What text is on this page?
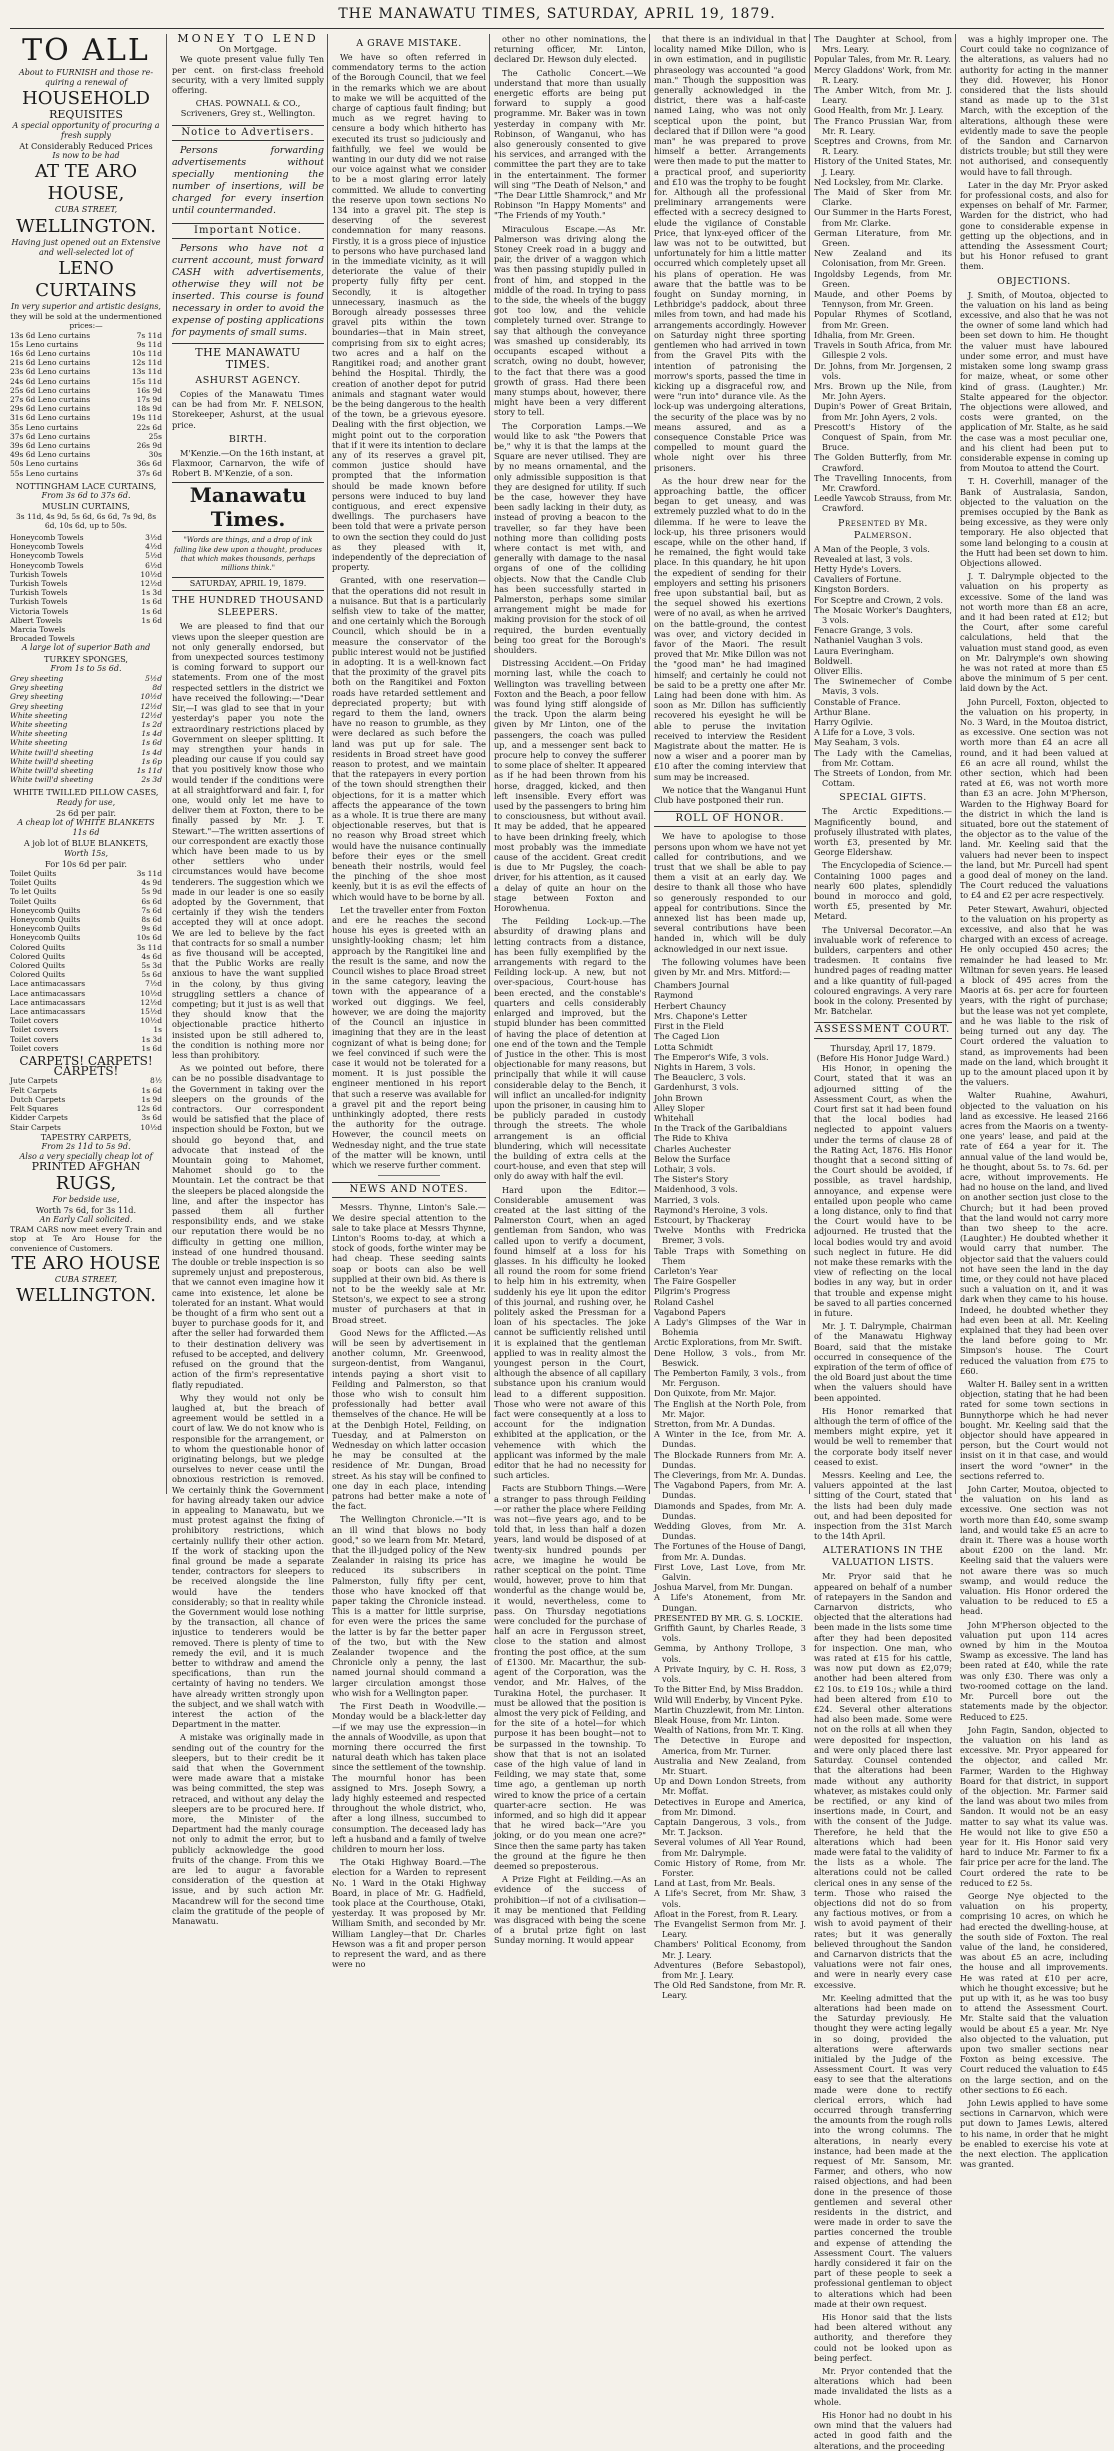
THE MANAWATU TIMES, SATURDAY, APRIL 19, 1879.
TO ALL
About to FURNISH and those re-quiring a renewal of
HOUSEHOLD
REQUISITES
A special opportunity of procuring a fresh supply
At Considerably Reduced Prices
Is now to be had
AT TE ARO HOUSE,
CUBA STREET,
WELLINGTON.
Having just opened out an Extensive and well-selected lot of
LENO CURTAINS
In very superior and artistic designs,
they will be sold at the undermentioned prices:—
13s 6d Leno curtains	7s 11d
15s Leno curtains	9s 11d
16s 6d Leno curtains	10s 11d
21s 6d Leno curtains	12s 11d
23s 6d Leno curtains	13s 11d
24s 6d Leno curtains	15s 11d
25s 6d Leno curtains	16s 9d
27s 6d Leno curtains	17s 9d
29s 6d Leno curtains	18s 9d
31s 6d Leno curtains	19s 11d
35s Leno curtains	22s 6d
37s 6d Leno curtains	25s
39s 6d Leno curtains	26s 9d
49s 6d Leno curtains	30s
50s Leno curtains	36s 6d
55s Leno curtains	37s 6d
NOTTINGHAM LACE CURTAINS,
From 3s 6d to 37s 6d.
MUSLIN CURTAINS,
3s 11d, 4s 9d, 5s 6d, 6s 6d, 7s 9d, 8s 6d, 10s 6d, up to 50s.
Honeycomb Towels	3½d
Honeycomb Towels	4½d
Honeycomb Towels	5½d
Honeycomb Towels	6½d
Turkish Towels	10½d
Turkish Towels	12½d
Turkish Towels	1s 3d
Turkish Towels	1s 6d
Victoria Towels	1s 6d
Albert Towels	1s 6d
Marcia Towels
Brocaded Towels
A large lot of superior Bath and
TURKEY SPONGES,
From 1s to 5s 6d.
Grey sheeting	5½d
Grey sheeting	8d
Grey sheeting	10½d
Grey sheeting	12½d
White sheeting	12½d
White sheeting	1s 2d
White sheeting	1s 4d
White sheeting	1s 6d
White twill'd sheeting	1s 4d
White twill'd sheeting	1s 6p
White twill'd sheeting	1s 11d
White twill'd sheeting	2s 3d
WHITE TWILLED PILLOW CASES,
Ready for use,
2s 6d per pair.
A cheap lot of WHITE BLANKETS 11s 6d
A job lot of BLUE BLANKETS,
Worth 15s,
For 10s 6d per pair.
Toilet Quilts	3s 11d
Toilet Quilts	4s 9d
To let Quilts	5s 9d
Toilet Quilts	6s 6d
Honeycomb Quilts	7s 6d
Honeycomb Quilts	8s 6d
Honeycomb Quilts	9s 6d
Honeycomb Quilts	10s 6d
Colored Quilts	3s 11d
Colored Quilts	4s 6d
Colored Quilts	5s 3d
Colored Quilts	5s 6d
Lace antimacassars	7½d
Lace antimacassars	10½d
Lace antimacassars	12½d
Lace antimacassars	15½d
Toilet covers	10½d
Toilet covers	1s
Toilet covers	1s 3d
Toilet covers	1s 6d
CARPETS! CARPETS! CARPETS!
Jute Carpets	8½
Felt Carpets	1s 6d
Dutch Carpets	1s 9d
Felt Squares	12s 6d
Kidder Carpets	3s 6d
Stair Carpets	10½d
TAPESTRY CARPETS,
From 2s 11d to 5s 9d.
Also a very specially cheap lot of
PRINTED AFGHAN
RUGS,
For bedside use,
Worth 7s 6d, for 3s 11d.
An Early Call solicited.
TRAM CARS now meet every Train and stop at Te Aro House for the convenience of Customers.
TE ARO HOUSE
CUBA STREET,
WELLINGTON.
MONEY TO LEND
On Mortgage.

We quote present value fully Ten per cent. on first-class freehold security, with a very limited supply offering.

CHAS. POWNALL & CO.,
Scriveners, Grey st., Wellington.
Notice to Advertisers.

Persons forwarding advertisements without specially mentioning the number of insertions, will be charged for every insertion until countermanded.

Important Notice.

Persons who have not a current account, must forward CASH with advertisements, otherwise they will not be inserted. This course is found necessary in order to avoid the expense of posting applications for payments of small sums.

THE MANAWATU TIMES.
ASHURST AGENCY.

Copies of the Manawatu Times can be had from Mr. F. NELSON, Storekeeper, Ashurst, at the usual price.

BIRTH.

M'Kenzie.—On the 16th instant, at Flaxmoor, Carnarvon, the wife of Robert B. M'Kenzie, of a son.

Manawatu Times.
"Words are things, and a drop of ink falling like dew upon a thought, produces that which makes thousands, perhaps millions think."
SATURDAY, APRIL 19, 1879.
THE HUNDRED THOUSAND SLEEPERS.

We are pleased to find that our views upon the sleeper question are not only generally endorsed, but from unexpected sources testimony is coming forward to support our statements. From one of the most respected settlers in the district we have received the following:—"Dear Sir,—I was glad to see that in your yesterday's paper you note the extraordinary restrictions placed by Government on sleeper splitting. It may strengthen your hands in pleading our cause if you could say that you positively know those who would tender if the conditions were at all straightforward and fair. I, for one, would only let me have to deliver them at Foxton, there to be finally passed by Mr. J. T. Stewart."—The written assertions of our correspondent are exactly those which have been made to us by other settlers who under circumstances would have become tenderers. The suggestion which we made in our leader is one so easily adopted by the Government, that certainly if they wish the tenders accepted they will at once adopt. We are led to believe by the fact that contracts for so small a number as five thousand will be accepted, that the Public Works are really anxious to have the want supplied in the colony, by thus giving struggling settlers a chance of competing; but it just is as well that they should know that the objectionable practice hitherto insisted upon be still adhered to, the condition is nothing more nor less than prohibitory.

As we pointed out before, there can be no possible disadvantage to the Government in taking over the sleepers on the grounds of the contractors. Our correspondent would be satisfied that the place of inspection should be Foxton, but we should go beyond that, and advocate that instead of the Mountain going to Mahomet, Mahomet should go to the Mountain. Let the contract be that the sleepers be placed alongside the line, and after the inspector has passed them all further responsibility ends, and we stake our reputation there would be no difficulty in getting one million, instead of one hundred thousand. The double or treble inspection is so supremely unjust and preposterous, that we cannot even imagine how it came into existence, let alone be tolerated for an instant. What would be thought of a firm who sent out a buyer to purchase goods for it, and after the seller had forwarded them to their destination delivery was refused to be accepted, and delivery refused on the ground that the action of the firm's representative flatly repudiated.

Why they would not only be laughed at, but the breach of agreement would be settled in a court of law. We do not know who is responsible for the arrangement, or to whom the questionable honor of originating belongs, but we pledge ourselves to never cease until the obnoxious restriction is removed. We certainly think the Government for having already taken our advice in appealing to Manawatu, but we must protest against the fixing of prohibitory restrictions, which certainly nullify their other action. If the work of stacking upon the final ground be made a separate tender, contractors for sleepers to be received alongside the line would have the tenders considerably; so that in reality while the Government would lose nothing by the transaction, all chance of injustice to tenderers would be removed. There is plenty of time to remedy the evil, and it is much better to withdraw and amend the specifications, than run the certainty of having no tenders. We have already written strongly upon the subject, and we shall watch with interest the action of the Department in the matter.

A mistake was originally made in sending out of the country for the sleepers, but to their credit be it said that when the Government were made aware that a mistake was being committed, the step was retraced, and without any delay the sleepers are to be procured here. If more, the Minister of the Department had the manly courage not only to admit the error, but to publicly acknowledge the good fruits of the change. From this we are led to augur a favorable consideration of the question at issue, and by such action Mr. Macandrew will for the second time claim the gratitude of the people of Manawatu.

A GRAVE MISTAKE.

We have so often referred in commendatory terms to the action of the Borough Council, that we feel in the remarks which we are about to make we will be acquitted of the charge of captious fault finding; but much as we regret having to censure a body which hitherto has executed its trust so judiciously and faithfully, we feel we would be wanting in our duty did we not raise our voice against what we consider to be a most glaring error lately committed. We allude to converting the reserve upon town sections No 134 into a gravel pit. The step is deserving of the severest condemnation for many reasons. Firstly, it is a gross piece of injustice to persons who have purchased land in the immediate vicinity, as it will deteriorate the value of their property fully fifty per cent. Secondly, it is altogether unnecessary, inasmuch as the Borough already possesses three gravel pits within the town boundaries—that in Main street, comprising from six to eight acres; two acres and a half on the Rangitikei road; and another grant behind the Hospital. Thirdly, the creation of another depot for putrid animals and stagnant water would be the being dangerous to the health of the town, be a grievous eyesore. Dealing with the first objection, we might point out to the corporation that if it were its intention to declare any of its reserves a gravel pit, common justice should have prompted that the information should be made known before persons were induced to buy land contiguous, and erect expensive dwellings. The purchasers have been told that were a private person to own the section they could do just as they pleased with it, independently of the depreciation of property.

Granted, with one reservation—that the operations did not result in a nuisance. But that is a particularly selfish view to take of the matter, and one certainly which the Borough Council, which should be in a measure the conservator of the public interest would not be justified in adopting. It is a well-known fact that the proximity of the gravel pits both on the Rangitikei and Foxton roads have retarded settlement and depreciated property; but with regard to them the land, owners have no reason to grumble, as they were declared as such before the land was put up for sale. The residents in Broad street have good reason to protest, and we maintain that the ratepayers in every portion of the town should strengthen their objections, for it is a matter which affects the appearance of the town as a whole. It is true there are many objectionable reserves, but that is no reason why Broad street which would have the nuisance continually before their eyes or the smell beneath their nostrils, would feel the pinching of the shoe most keenly, but it is as evil the effects of which would have to be borne by all.

Let the traveller enter from Foxton and ere he reaches the second house his eyes is greeted with an unsightly-looking chasm; let him approach by the Rangitikei line and the result is the same, and now the Council wishes to place Broad street in the same category, leaving the town with the appearance of a worked out diggings. We feel, however, we are doing the majority of the Council an injustice in imagining that they are in the least cognizant of what is being done; for we feel convinced if such were the case it would not be tolerated for a moment. It is just possible the engineer mentioned in his report that such a reserve was available for a gravel pit and the report being unthinkingly adopted, there rests the authority for the outrage. However, the council meets on Wednesday night, and the true state of the matter will be known, until which we reserve further comment.

NEWS AND NOTES.

Messrs. Thynne, Linton's Sale.—We desire special attention to the sale to take place at Messrs Thynne, Linton's Rooms to-day, at which a stock of goods, forthe winter may be had cheap. These seeding saints soap or boots can also be well supplied at their own bid. As there is not to be the weekly sale at Mr. Stetson's, we expect to see a strong muster of purchasers at that in Broad street.

Good News for the Afflicted.—As will be seen by advertisement in another column, Mr. Greenwood, surgeon-dentist, from Wanganui, intends paying a short visit to Feilding and Palmerston, so that those who wish to consult him professionally had better avail themselves of the chance. He will be at the Denbigh Hotel, Feilding, on Tuesday, and at Palmerston on Wednesday on which latter occasion he may be consulted at the residence of Mr. Dungan, Broad street. As his stay will be confined to one day in each place, intending patrons had better make a note of the fact.

The Wellington Chronicle.—"It is an ill wind that blows no body good," so we learn from Mr. Metard, that the ill-judged policy of the New Zealander in raising its price has reduced its subscribers in Palmerston, fully fifty per cent, those who have knocked off that paper taking the Chronicle instead. This is a matter for little surprise, for even were the prices the same the latter is by far the better paper of the two, but with the New Zealander twopence and the Chronicle only a penny, the last named journal should command a larger circulation amongst those who wish for a Wellington paper.

The First Death in Woodville.—Monday would be a black-letter day—if we may use the expression—in the annals of Woodville, as upon that morning there occurred the first natural death which has taken place since the settlement of the township. The mournful honor has been assigned to Mrs. Joseph Sowry, a lady highly esteemed and respected throughout the whole district, who, after a long illness, succumbed to consumption. The deceased lady has left a husband and a family of twelve children to mourn her loss.

The Otaki Highway Board.—The election for a Warden to represent No. 1 Ward in the Otaki Highway Board, in place of Mr. G. Hadfield, took place at the Courthouse, Otaki, yesterday. It was proposed by Mr. William Smith, and seconded by Mr. William Langley—that Dr. Charles Hewson was a fit and proper person to represent the ward, and as there were no

other no other nominations, the returning officer, Mr. Linton, declared Dr. Hewson duly elected.

The Catholic Concert.—We understand that more than usually energetic efforts are being put forward to supply a good programme. Mr. Baker was in town yesterday in company with Mr. Robinson, of Wanganui, who has also generously consented to give his services, and arranged with the committee the part they are to take in the entertainment. The former will sing "The Death of Nelson," and "The Dear Little Shamrock," and Mr Robinson "In Happy Moments" and "The Friends of my Youth."

Miraculous Escape.—As Mr. Palmerson was driving along the Stoney Creek road in a buggy and pair, the driver of a waggon which was then passing stupidly pulled in front of him, and stopped in the middle of the road. In trying to pass to the side, the wheels of the buggy got too low, and the vehicle completely turned over. Strange to say that although the conveyance was smashed up considerably, its occupants escaped without a scratch, owing no doubt, however, to the fact that there was a good growth of grass. Had there been many stumps about, however, there might have been a very different story to tell.

The Corporation Lamps.—We would like to ask "the Powers that be," why it is that the lamps at the Square are never utilised. They are by no means ornamental, and the only admissible supposition is that they are designed for utility. If such be the case, however they have been sadly lacking in their duty, as instead of proving a beacon to the traveller, so far they have been nothing more than colliding posts where contact is met with, and generally with damage to the nasal organs of one of the colliding objects. Now that the Candle Club has been successfully started in Palmerston, perhaps some similar arrangement might be made for making provision for the stock of oil required, the burden eventually being too great for the Borough's shoulders.

Distressing Accident.—On Friday morning last, while the coach to Wellington was travelling between Foxton and the Beach, a poor fellow was found lying stiff alongside of the track. Upon the alarm being given by Mr Linton, one of the passengers, the coach was pulled up, and a messenger sent back to procure help to convey the sufferer to some place of shelter. It appeared as if he had been thrown from his horse, dragged, kicked, and then left insensible. Every effort was used by the passengers to bring him to consciousness, but without avail. It may be added, that he appeared to have been drinking freely, which most probably was the immediate cause of the accident. Great credit is due to Mr Pugsley, the coach-driver, for his attention, as it caused a delay of quite an hour on the stage between Foxton and Horowhenua.

The Feilding Lock-up.—The absurdity of drawing plans and letting contracts from a distance, has been fully exemplified by the arrangements with regard to the Feilding lock-up. A new, but not over-spacious, Court-house has been erected, and the constable's quarters and cells considerably enlarged and improved, but the stupid blunder has been committed of having the place of detention at one end of the town and the Temple of Justice in the other. This is most objectionable for many reasons, but principally that while it will cause considerable delay to the Bench, it will inflict an uncalled-for indignity upon the prisoner, in causing him to be publicly paraded in custody through the streets. The whole arrangement is an official blundering, which will necessitate the building of extra cells at the court-house, and even that step will only do away with half the evil.

Hard upon the Editor.—Considerable amusement was created at the last sitting of the Palmerston Court, when an aged gentleman from Sandon, who was called upon to verify a document, found himself at a loss for his glasses. In his difficulty he looked all round the room for some friend to help him in his extremity, when suddenly his eye lit upon the editor of this journal, and rushing over, he politely asked the Pressman for a loan of his spectacles. The joke cannot be sufficiently relished until it is explained that the gentleman applied to was in reality almost the youngest person in the Court, although the absence of all capillary substance upon his cranium would lead to a different supposition. Those who were not aware of this fact were consequently at a loss to account for the indignation exhibited at the application, or the vehemence with which the applicant was informed by the male editor that he had no necessity for such articles.

Facts are Stubborn Things.—Were a stranger to pass through Feilding—or rather the place where Feilding was not—five years ago, and to be told that, in less than half a dozen years, land would be disposed of at twenty-six hundred pounds per acre, we imagine he would be rather sceptical on the point. Time would, however, prove to him that wonderful as the change would be, it would, nevertheless, come to pass. On Thursday negotiations were concluded for the purchase of half an acre in Fergusson street, close to the station and almost fronting the post office, at the sum of £1300. Mr. Macarthur, the sub-agent of the Corporation, was the vendor, and Mr. Halves, of the Turakina Hotel, the purchaser. It must be allowed that the position is almost the very pick of Feilding, and for the site of a hotel—for which purpose it has been bought—not to be surpassed in the township. To show that that is not an isolated case of the high value of land in Feilding, we may state that, some time ago, a gentleman up north wired to know the price of a certain quarter-acre section. He was informed, and so high did it appear that he wired back—"Are you joking, or do you mean one acre?" Since then the same party has taken the ground at the figure he then deemed so preposterous.

A Prize Fight at Feilding.—As an evidence of the success of prohibition—if not of a civilisation—it may be mentioned that Feilding was disgraced with being the scene of a brutal prize fight on last Sunday morning. It would appear

that there is an individual in that locality named Mike Dillon, who is in own estimation, and in pugilistic phraseology was accounted "a good man." Though the supposition was generally acknowledged in the district, there was a half-caste named Laing, who was not only sceptical upon the point, but declared that if Dillon were "a good man" he was prepared to prove himself a better. Arrangements were then made to put the matter to a practical proof, and superiority and £10 was the trophy to be fought for. Although all the professional preliminary arrangements were effected with a secrecy designed to elude the vigilance of Constable Price, that lynx-eyed officer of the law was not to be outwitted, but unfortunately for him a little matter occurred which completely upset all his plans of operation. He was aware that the battle was to be fought on Sunday morning, in Lethbridge's paddock, about three miles from town, and had made his arrangements accordingly. However on Saturday night three sporting gentlemen who had arrived in town from the Gravel Pits with the intention of patronising the morrow's sports, passed the time in kicking up a disgraceful row, and were "run into" durance vile. As the lock-up was undergoing alterations, the security of the place was by no means assured, and as a consequence Constable Price was compelled to mount guard the whole night over his three prisoners.

As the hour drew near for the approaching battle, the officer began to get uneasy, and was extremely puzzled what to do in the dilemma. If he were to leave the lock-up, his three prisoners would escape, while on the other hand, if he remained, the fight would take place. In this quandary, he hit upon the expedient of sending for their employers and setting his prisoners free upon substantial bail, but as the sequel showed his exertions were of no avail, as when he arrived on the battle-ground, the contest was over, and victory decided in favor of the Maori. The result proved that Mr. Mike Dillon was not the "good man" he had imagined himself; and certainly he could not be said to be a pretty one after Mr. Laing had been done with him. As soon as Mr. Dillon has sufficiently recovered his eyesight he will be able to peruse the invitation received to interview the Resident Magistrate about the matter. He is now a wiser and a poorer man by £10 after the coming interview that sum may be increased.

We notice that the Wanganui Hunt Club have postponed their run.

ROLL OF HONOR.

We have to apologise to those persons upon whom we have not yet called for contributions, and we trust that we shall be able to pay them a visit at an early day. We desire to thank all those who have so generously responded to our appeal for contributions. Since the annexed list has been made up, several contributions have been handed in, which will be duly acknowledged in our next issue.

The following volumes have been given by Mr. and Mrs. Mitford:—

Chambers Journal
Raymond
Herbert Chauncy
Mrs. Chapone's Letter
First in the Field
The Caged Lion
Lotta Schmidt
The Emperor's Wife, 3 vols.
Nights in Harem, 3 vols.
The Beauclerc, 3 vols.
Gardenhurst, 3 vols.
John Brown
Alley Sloper
Whitehall
In the Track of the Garibaldians
The Ride to Khiva
Charles Auchester
Below the Surface
Lothair, 3 vols.
The Sister's Story
Maidenhood, 3 vols.
Married, 3 vols.
Raymond's Heroine, 3 vols.
Estcourt, by Thackeray
Twelve Months with Fredricka Bremer, 3 vols.
Table Traps with Something on Them
Carleton's Year
The Faire Gospeller
Pilgrim's Progress
Roland Cashel
Vagabond Papers
A Lady's Glimpses of the War in Bohemia
Arctic Explorations, from Mr. Swift.
Dene Hollow, 3 vols., from Mr. Beswick.
The Pemberton Family, 3 vols., from Mr. Ferguson.
Don Quixote, from Mr. Major.
The English at the North Pole, from Mr. Major.
Stretton, from Mr. A Dundas.
A Winter in the Ice, from Mr. A. Dundas.
The Blockade Runners from Mr. A. Dundas.
The Cleverings, from Mr. A. Dundas.
The Vagabond Papers, from Mr. A. Dundas.
Diamonds and Spades, from Mr. A. Dundas.
Wedding Gloves, from Mr. A. Dundas.
The Fortunes of the House of Dangi, from Mr. A. Dundas.
First Love, Last Love, from Mr. Galvin.
Joshua Marvel, from Mr. Dungan.
A Life's Atonement, from Mr. Dungan.
PRESENTED BY MR. G. S. LOCKIE.
Griffith Gaunt, by Charles Reade, 3 vols.
Gemma, by Anthony Trollope, 3 vols.
A Private Inquiry, by C. H. Ross, 3 vols.
To the Bitter End, by Miss Braddon.
Wild Will Enderby, by Vincent Pyke.
Martin Chuzzlewit, from Mr. Linton.
Bleak House, from Mr. Linton.
Wealth of Nations, from Mr. T. King.
The Detective in Europe and America, from Mr. Turner.
Australia and New Zealand, from Mr. Stuart.
Up and Down London Streets, from Mr. Moffat.
Detectives in Europe and America, from Mr. Dimond.
Captain Dangerous, 3 vols., from Mr. T. Jackson.
Several volumes of All Year Round, from Mr. Dalrymple.
Comic History of Rome, from Mr. Forster.
Land at Last, from Mr. Beals.
A Life's Secret, from Mr. Shaw, 3 vols.
Afloat in the Forest, from R. Leary.
The Evangelist Sermon from Mr. J. Leary.
Chambers' Political Economy, from Mr. J. Leary.
Adventures (Before Sebastopol), from Mr. J. Leary.
The Old Red Sandstone, from Mr. R. Leary.
The Daughter at School, from Mrs. Leary.
Popular Tales, from Mr. R. Leary.
Mercy Gladdons' Work, from Mr. R. Leary.
The Amber Witch, from Mr. J. Leary.
Good Health, from Mr. J. Leary.
The Franco Prussian War, from Mr. R. Leary.
Sceptres and Crowns, from Mr. R. Leary.
History of the United States, Mr. J. Leary.
Ned Locksley, from Mr. Clarke.
The Maid of Sker from Mr. Clarke.
Our Summer in the Harts Forest, from Mr. Clarke.
German Literature, from Mr. Green.
New Zealand and its Colonisation, from Mr. Green.
Ingoldsby Legends, from Mr. Green.
Maude, and other Poems by Tennyson, from Mr. Green.
Popular Rhymes of Scotland, from Mr. Green.
Idhalia, from Mr. Green.
Travels in South Africa, from Mr. Gillespie 2 vols.
Dr. Johns, from Mr. Jorgensen, 2 vols.
Mrs. Brown up the Nile, from Mr. John Ayers.
Dupin's Power of Great Britain, from Mr. John Ayers, 2 vols.
Prescott's History of the Conquest of Spain, from Mr. Bruce.
The Golden Butterfly, from Mr. Crawford.
The Travelling Innocents, from Mr. Crawford.
Leedle Yawcob Strauss, from Mr. Crawford.
Presented by Mr. Palmerson.
A Man of the People, 3 vols.
Revealed at last, 3 vols.
Hetty Hyde's Lovers.
Cavaliers of Fortune.
Kingston Borders.
For Sceptre and Crown, 2 vols.
The Mosaic Worker's Daughters, 3 vols.
Fenacre Grange, 3 vols.
Nathaniel Vaughan 3 vols.
Laura Everingham.
Boldwell.
Oliver Ellis.
The Swinemecher of Combe Mavis, 3 vols.
Constable of France.
Arthur Blane.
Harry Ogilvie.
A Life for a Love, 3 vols.
May Seaham, 3 vols.
The Lady with the Camelias, from Mr. Cottam.
The Streets of London, from Mr. Cottam.
SPECIAL GIFTS.

The Arctic Expeditions.—Magnificently bound, and profusely illustrated with plates, worth £3, presented by Mr. George Eldershaw.

The Encyclopedia of Science.—Containing 1000 pages and nearly 600 plates, splendidly bound in morocco and gold, worth £5, presented by Mr. Metard.

The Universal Decorator.—An invaluable work of reference to builders, carpenters and other tradesmen. It contains five hundred pages of reading matter and a like quantity of full-paged coloured engravings. A very rare book in the colony. Presented by Mr. Batchelar.

ASSESSMENT COURT.
Thursday, April 17, 1879.
(Before His Honor Judge Ward.)

His Honor, in opening the Court, stated that it was an adjourned sitting of the Assessment Court, as when the Court first sat it had been found that the local bodies had neglected to appoint valuers under the terms of clause 28 of the Rating Act, 1876. His Honor thought that a second sitting of the Court should be avoided, if possible, as travel hardship, annoyance, and expense were entailed upon people who came a long distance, only to find that the Court would have to be adjourned. He trusted that the local bodies would try and avoid such neglect in future. He did not make these remarks with the view of reflecting on the local bodies in any way, but in order that trouble and expense might be saved to all parties concerned in future.

Mr. J. T. Dalrymple, Chairman of the Manawatu Highway Board, said that the mistake occurred in consequence of the expiration of the term of office of the old Board just about the time when the valuers should have been appointed.

His Honor remarked that although the term of office of the members might expire, yet it would be well to remember that the corporate body itself never ceased to exist.

Messrs. Keeling and Lee, the valuers appointed at the last sitting of the Court, stated that the lists had been duly made out, and had been deposited for inspection from the 31st March to the 14th April.

ALTERATIONS IN THE VALUATION LISTS.

Mr. Pryor said that he appeared on behalf of a number of ratepayers in the Sandon and Carnarvon districts, who objected that the alterations had been made in the lists some time after they had been deposited for inspection. One man, who was rated at £15 for his cattle, was now put down as £2,079; another had been altered from £2 10s. to £19 10s.; while a third had been altered from £10 to £24. Several other alterations had also been made. Some were not on the rolls at all when they were deposited for inspection, and were only placed there last Saturday. Counsel contended that the alterations had been made without any authority whatever, as mistakes could only be rectified, or any kind of insertions made, in Court, and with the consent of the Judge. Therefore, he held that the alterations which had been made were fatal to the validity of the lists as a whole. The alterations could not be called clerical ones in any sense of the term. Those who raised the objections did not do so from any factious motives, or from a wish to avoid payment of their rates; but it was generally believed throughout the Sandon and Carnarvon districts that the valuations were not fair ones, and were in nearly every case excessive.

Mr. Keeling admitted that the alterations had been made on the Saturday previously. He thought they were acting legally in so doing, provided the alterations were afterwards initialed by the Judge of the Assessment Court. It was very easy to see that the alterations made were done to rectify clerical errors, which had occurred through transferring the amounts from the rough rolls into the wrong columns. The alterations, in nearly every instance, had been made at the request of Mr. Sansom, Mr. Farmer, and others, who now raised objections, and had been done in the presence of those gentlemen and several other residents in the district, and were made in order to save the parties concerned the trouble and expense of attending the Assessment Court. The valuers hardly considered it fair on the part of these people to seek a professional gentleman to object to alterations which had been made at their own request.

His Honor said that the lists had been altered without any authority, and therefore they could not be looked upon as being perfect.

Mr. Pryor contended that the alterations which had been made invalidated the lists as a whole.

His Honor had no doubt in his own mind that the valuers had acted in good faith and the alterations, and the proceeding

was a highly improper one. The Court could take no cognizance of the alterations, as valuers had no authority for acting in the manner they did. However, his Honor considered that the lists should stand as made up to the 31st March, with the exception of the alterations, although these were evidently made to save the people of the Sandon and Carnarvon districts trouble; but still they were not authorised, and consequently would have to fall through.

Later in the day Mr. Pryor asked for professional costs, and also for expenses on behalf of Mr. Farmer, Warden for the district, who had gone to considerable expense in getting up the objections, and in attending the Assessment Court; but his Honor refused to grant them.

OBJECTIONS.

J. Smith, of Moutoa, objected to the valuation on his land as being excessive, and also that he was not the owner of some land which had been set down to him. He thought the valuer must have laboured under some error, and must have mistaken some long swamp grass for maize, wheat, or some other kind of grass. (Laughter.) Mr. Stalte appeared for the objector. The objections were allowed, and costs were granted, on the application of Mr. Stalte, as he said the case was a most peculiar one, and his client had been put to considerable expense in coming up from Moutoa to attend the Court.

T. H. Coverhill, manager of the Bank of Australasia, Sandon, objected to the valuation on the premises occupied by the Bank as being excessive, as they were only temporary. He also objected that some land belonging to a cousin at the Hutt had been set down to him. Objections allowed.

J. T. Dalrymple objected to the valuation on his property as excessive. Some of the land was not worth more than £8 an acre, and it had been rated at £12; but the Court, after some careful calculations, held that the valuation must stand good, as even on Mr. Dalrymple's own showing he was not rated at more than £5 above the minimum of 5 per cent. laid down by the Act.

John Purcell, Foxton, objected to the valuation on his property, in No. 3 Ward, in the Moutoa district, as excessive. One section was not worth more than £4 an acre all round, and it had been valued at £6 an acre all round, whilst the other section, which had been rated at £6, was not worth more than £3 an acre. John M'Pherson, Warden to the Highway Board for the district in which the land is situated, bore out the statement of the objector as to the value of the land. Mr. Keeling said that the valuers had never been to inspect the land, but Mr. Purcell had spent a good deal of money on the land. The Court reduced the valuations to £4 and £2 per acre respectively.

Peter Stewart, Awahuri, objected to the valuation on his property as excessive, and also that he was charged with an excess of acreage. He only occupied 450 acres; the remainder he had leased to Mr. Wiltman for seven years. He leased a block of 495 acres from the Maoris at 6s. per acre for fourteen years, with the right of purchase; but the lease was not yet complete, and he was liable to the risk of being turned out any day. The Court ordered the valuation to stand, as improvements had been made on the land, which brought it up to the amount placed upon it by the valuers.

Walter Ruahine, Awahuri, objected to the valuation on his land as excessive. He leased 2166 acres from the Maoris on a twenty-one years' lease, and paid at the rate of £64 a year for it. The annual value of the land would be, he thought, about 5s. to 7s. 6d. per acre, without improvements. He had no house on the land, and lived on another section just close to the Church; but it had been proved that the land would not carry more than two sheep to the acre. (Laughter.) He doubted whether it would carry that number. The objector said that the valuers could not have seen the land in the day time, or they could not have placed such a valuation on it, and it was dark when they came to his house. Indeed, he doubted whether they had even been at all. Mr. Keeling explained that they had been over the land before going to Mr. Simpson's house. The Court reduced the valuation from £75 to £60.

Walter H. Bailey sent in a written objection, stating that he had been rated for some town sections in Bunnythorpe which he had never bought. Mr. Keeling said that the objector should have appeared in person, but the Court would not insist on it in that case, and would insert the word "owner" in the sections referred to.

John Carter, Moutoa, objected to the valuation on his land as excessive. One section was not worth more than £40, some swamp land, and would take £5 an acre to drain it. There was a house worth about £200 on the land. Mr. Keeling said that the valuers were not aware there was so much swamp, and would reduce the valuation. His Honor ordered the valuation to be reduced to £5 a head.

John M'Pherson objected to the valuation put upon 114 acres owned by him in the Moutoa Swamp as excessive. The land has been rated at £40, while the rate was only £30. There was only a two-roomed cottage on the land. Mr. Purcell bore out the statements made by the objector. Reduced to £25.

John Fagin, Sandon, objected to the valuation on his land as excessive. Mr. Pryor appeared for the objector, and called Mr. Farmer, Warden to the Highway Board for that district, in support of the objection. Mr. Farmer said the land was about two miles from Sandon. It would not be an easy matter to say what its value was. He would not like to give £50 a year for it. His Honor said very hard to induce Mr. Farmer to fix a fair price per acre for the land. The Court ordered the rate to be reduced to £2 5s.

George Nye objected to the valuation on his property, comprising 10 acres, on which he had erected the dwelling-house, at the south side of Foxton. The real value of the land, he considered, was about £5 an acre, including the house and all improvements. He was rated at £10 per acre, which he thought excessive; but he put up with it, as he was too busy to attend the Assessment Court. Mr. Stalte said that the valuation would be about £5 a year. Mr. Nye also objected to the valuation, put upon two smaller sections near Foxton as being excessive. The Court reduced the valuation to £45 on the large section, and on the other sections to £6 each.

John Lewis applied to have some sections in Carnarvon, which were put down to James Lewis, altered to his name, in order that he might be enabled to exercise his vote at the next election. The application was granted.
